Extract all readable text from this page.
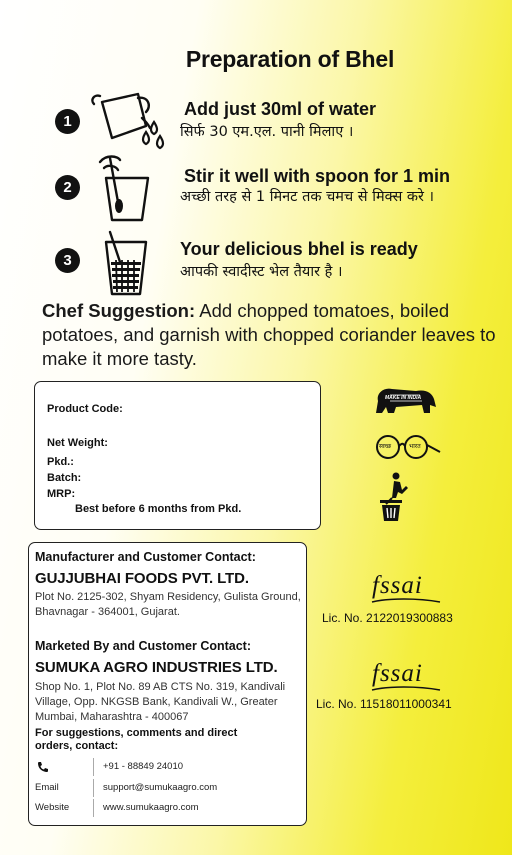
Preparation of Bhel
1
Add just 30ml of water
सिर्फ 30 एम.एल. पानी मिलाए ।
2
Stir it well with spoon for 1 min
अच्छी तरह से 1 मिनट तक चमच से मिक्स करे ।
3
Your delicious bhel is ready
आपकी स्वादीस्ट भेल तैयार है ।
Chef Suggestion: Add chopped tomatoes, boiled potatoes, and garnish with chopped coriander leaves to make it more tasty.
Product Code:
Net Weight:
Pkd.:
Batch:
MRP:
Best before 6 months from Pkd.
MAKE IN INDIA
स्वच्छ	भारत
Manufacturer and Customer Contact:
GUJJUBHAI FOODS PVT. LTD.
Plot No. 2125-302, Shyam Residency, Gulista Ground, Bhavnagar - 364001, Gujarat.
Marketed By and Customer Contact:
SUMUKA AGRO INDUSTRIES LTD.
Shop No. 1, Plot No. 89 AB CTS No. 319, Kandivali Village, Opp. NKGSB Bank, Kandivali W., Greater Mumbai, Maharashtra - 400067
For suggestions, comments and direct orders, contact:
+91 - 88849 24010
Email	support@sumukaagro.com
Website	www.sumukaagro.com
fssai
Lic. No. 2122019300883
fssai
Lic. No. 11518011000341
